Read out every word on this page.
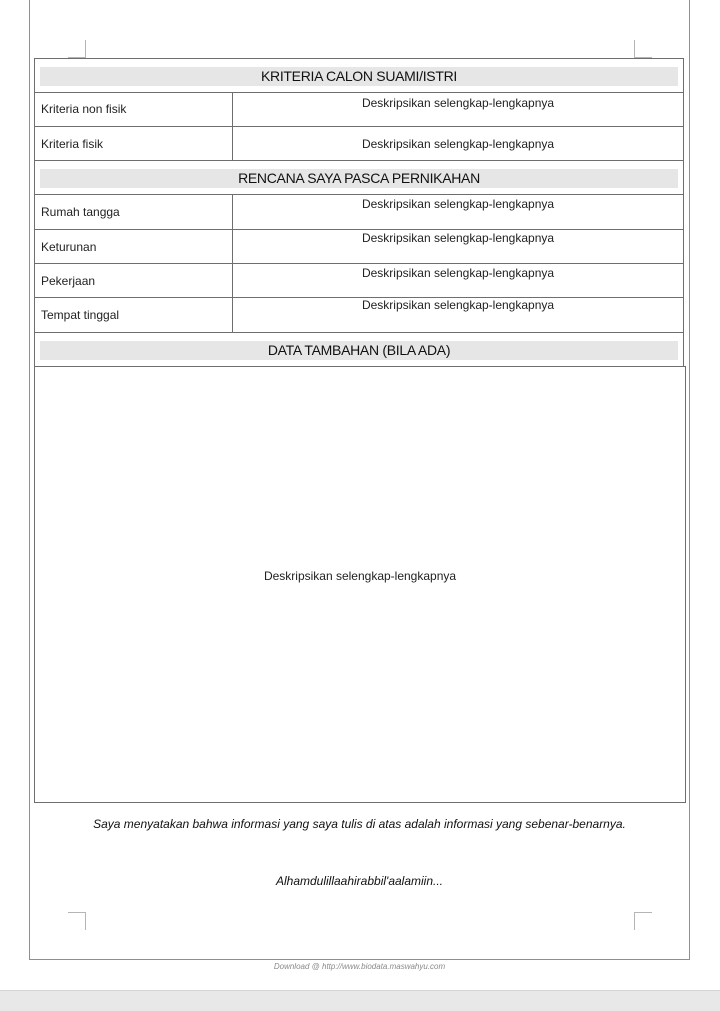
KRITERIA CALON SUAMI/ISTRI
Kriteria non fisik	Deskripsikan selengkap-lengkapnya
Kriteria fisik	Deskripsikan selengkap-lengkapnya
RENCANA SAYA PASCA PERNIKAHAN
Rumah tangga
Deskripsikan selengkap-lengkapnya
Keturunan
Deskripsikan selengkap-lengkapnya
Pekerjaan
Deskripsikan selengkap-lengkapnya
Tempat tinggal
Deskripsikan selengkap-lengkapnya
DATA TAMBAHAN (BILA ADA)
Deskripsikan selengkap-lengkapnya
Saya menyatakan bahwa informasi yang saya tulis di atas adalah informasi yang sebenar-benarnya.
Alhamdulillaahirabbil'aalamiin...
Download @ http://www.biodata.maswahyu.com
